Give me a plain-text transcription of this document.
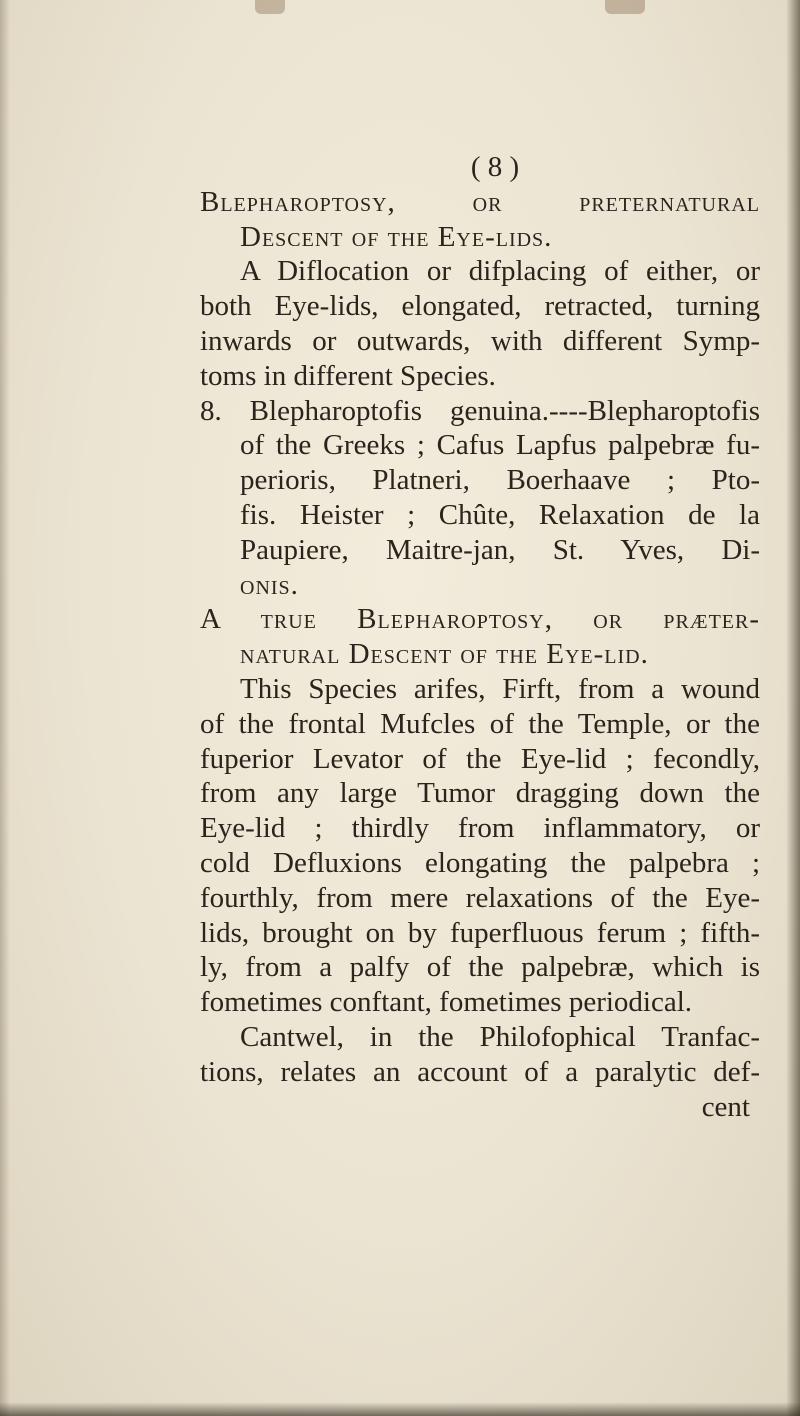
( 8 )
Blepharoptosy, or preternatural
Descent of the Eye-lids.
A Diflocation or difplacing of either, or
both Eye-lids, elongated, retracted, turning
inwards or outwards, with different Symp-
toms in different Species.
8. Blepharoptofis genuina.----Blepharoptofis
of the Greeks ; Cafus Lapfus palpebræ fu-
perioris, Platneri, Boerhaave ; Pto-
fis. Heister ; Chûte, Relaxation de la
Paupiere, Maitre-jan, St. Yves, Di-
onis.
A true Blepharoptosy, or præter-
natural Descent of the Eye-lid.
This Species arifes, Firft, from a wound
of the frontal Mufcles of the Temple, or the
fuperior Levator of the Eye-lid ; fecondly,
from any large Tumor dragging down the
Eye-lid ; thirdly from inflammatory, or
cold Defluxions elongating the palpebra ;
fourthly, from mere relaxations of the Eye-
lids, brought on by fuperfluous ferum ; fifth-
ly, from a palfy of the palpebræ, which is
fometimes conftant, fometimes periodical.
Cantwel, in the Philofophical Tranfac-
tions, relates an account of a paralytic def-
cent
